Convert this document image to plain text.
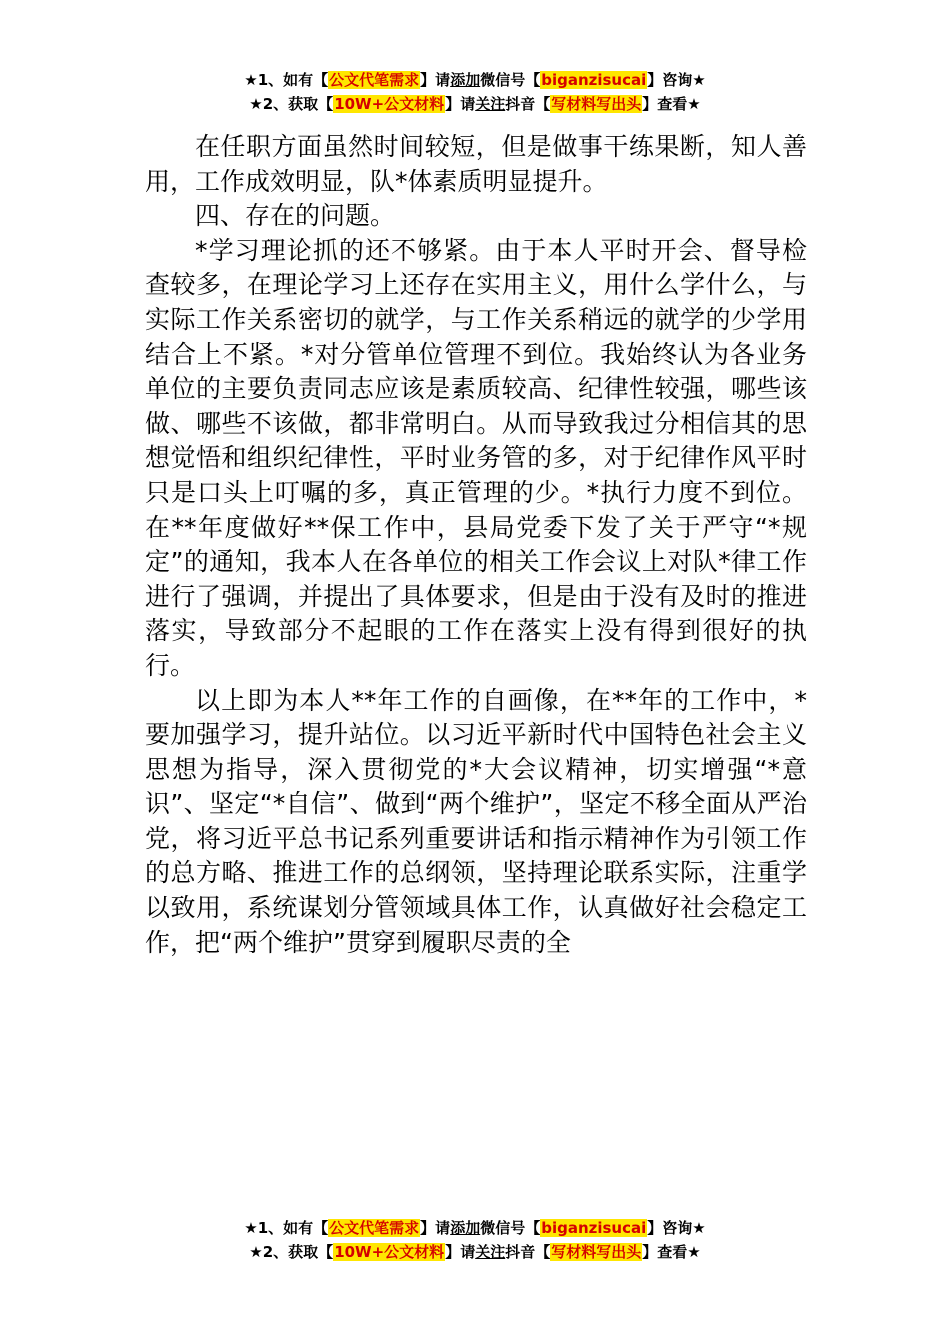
★1、如有【公文代笔需求】请添加微信号【biganzisucai】咨询★
★2、获取【10W+公文材料】请关注抖音【写材料写出头】查看★

在任职方面虽然时间较短，但是做事干练果断，知人善用，工作成效明显，队*体素质明显提升。

四、存在的问题。

*学习理论抓的还不够紧。由于本人平时开会、督导检查较多，在理论学习上还存在实用主义，用什么学什么，与实际工作关系密切的就学，与工作关系稍远的就学的少学用结合上不紧。*对分管单位管理不到位。我始终认为各业务单位的主要负责同志应该是素质较高、纪律性较强，哪些该做、哪些不该做，都非常明白。从而导致我过分相信其的思想觉悟和组织纪律性，平时业务管的多，对于纪律作风平时只是口头上叮嘱的多，真正管理的少。*执行力度不到位。在**年度做好**保工作中，县局党委下发了关于严守“*规定”的通知，我本人在各单位的相关工作会议上对队*律工作进行了强调，并提出了具体要求，但是由于没有及时的推进落实，导致部分不起眼的工作在落实上没有得到很好的执行。

以上即为本人**年工作的自画像，在**年的工作中，*要加强学习，提升站位。以习近平新时代中国特色社会主义思想为指导，深入贯彻党的*大会议精神，切实增强“*意识”、坚定“*自信”、做到“两个维护”，坚定不移全面从严治党，将习近平总书记系列重要讲话和指示精神作为引领工作的总方略、推进工作的总纲领，坚持理论联系实际，注重学以致用，系统谋划分管领域具体工作，认真做好社会稳定工作，把“两个维护”贯穿到履职尽责的全

★1、如有【公文代笔需求】请添加微信号【biganzisucai】咨询★
★2、获取【10W+公文材料】请关注抖音【写材料写出头】查看★
